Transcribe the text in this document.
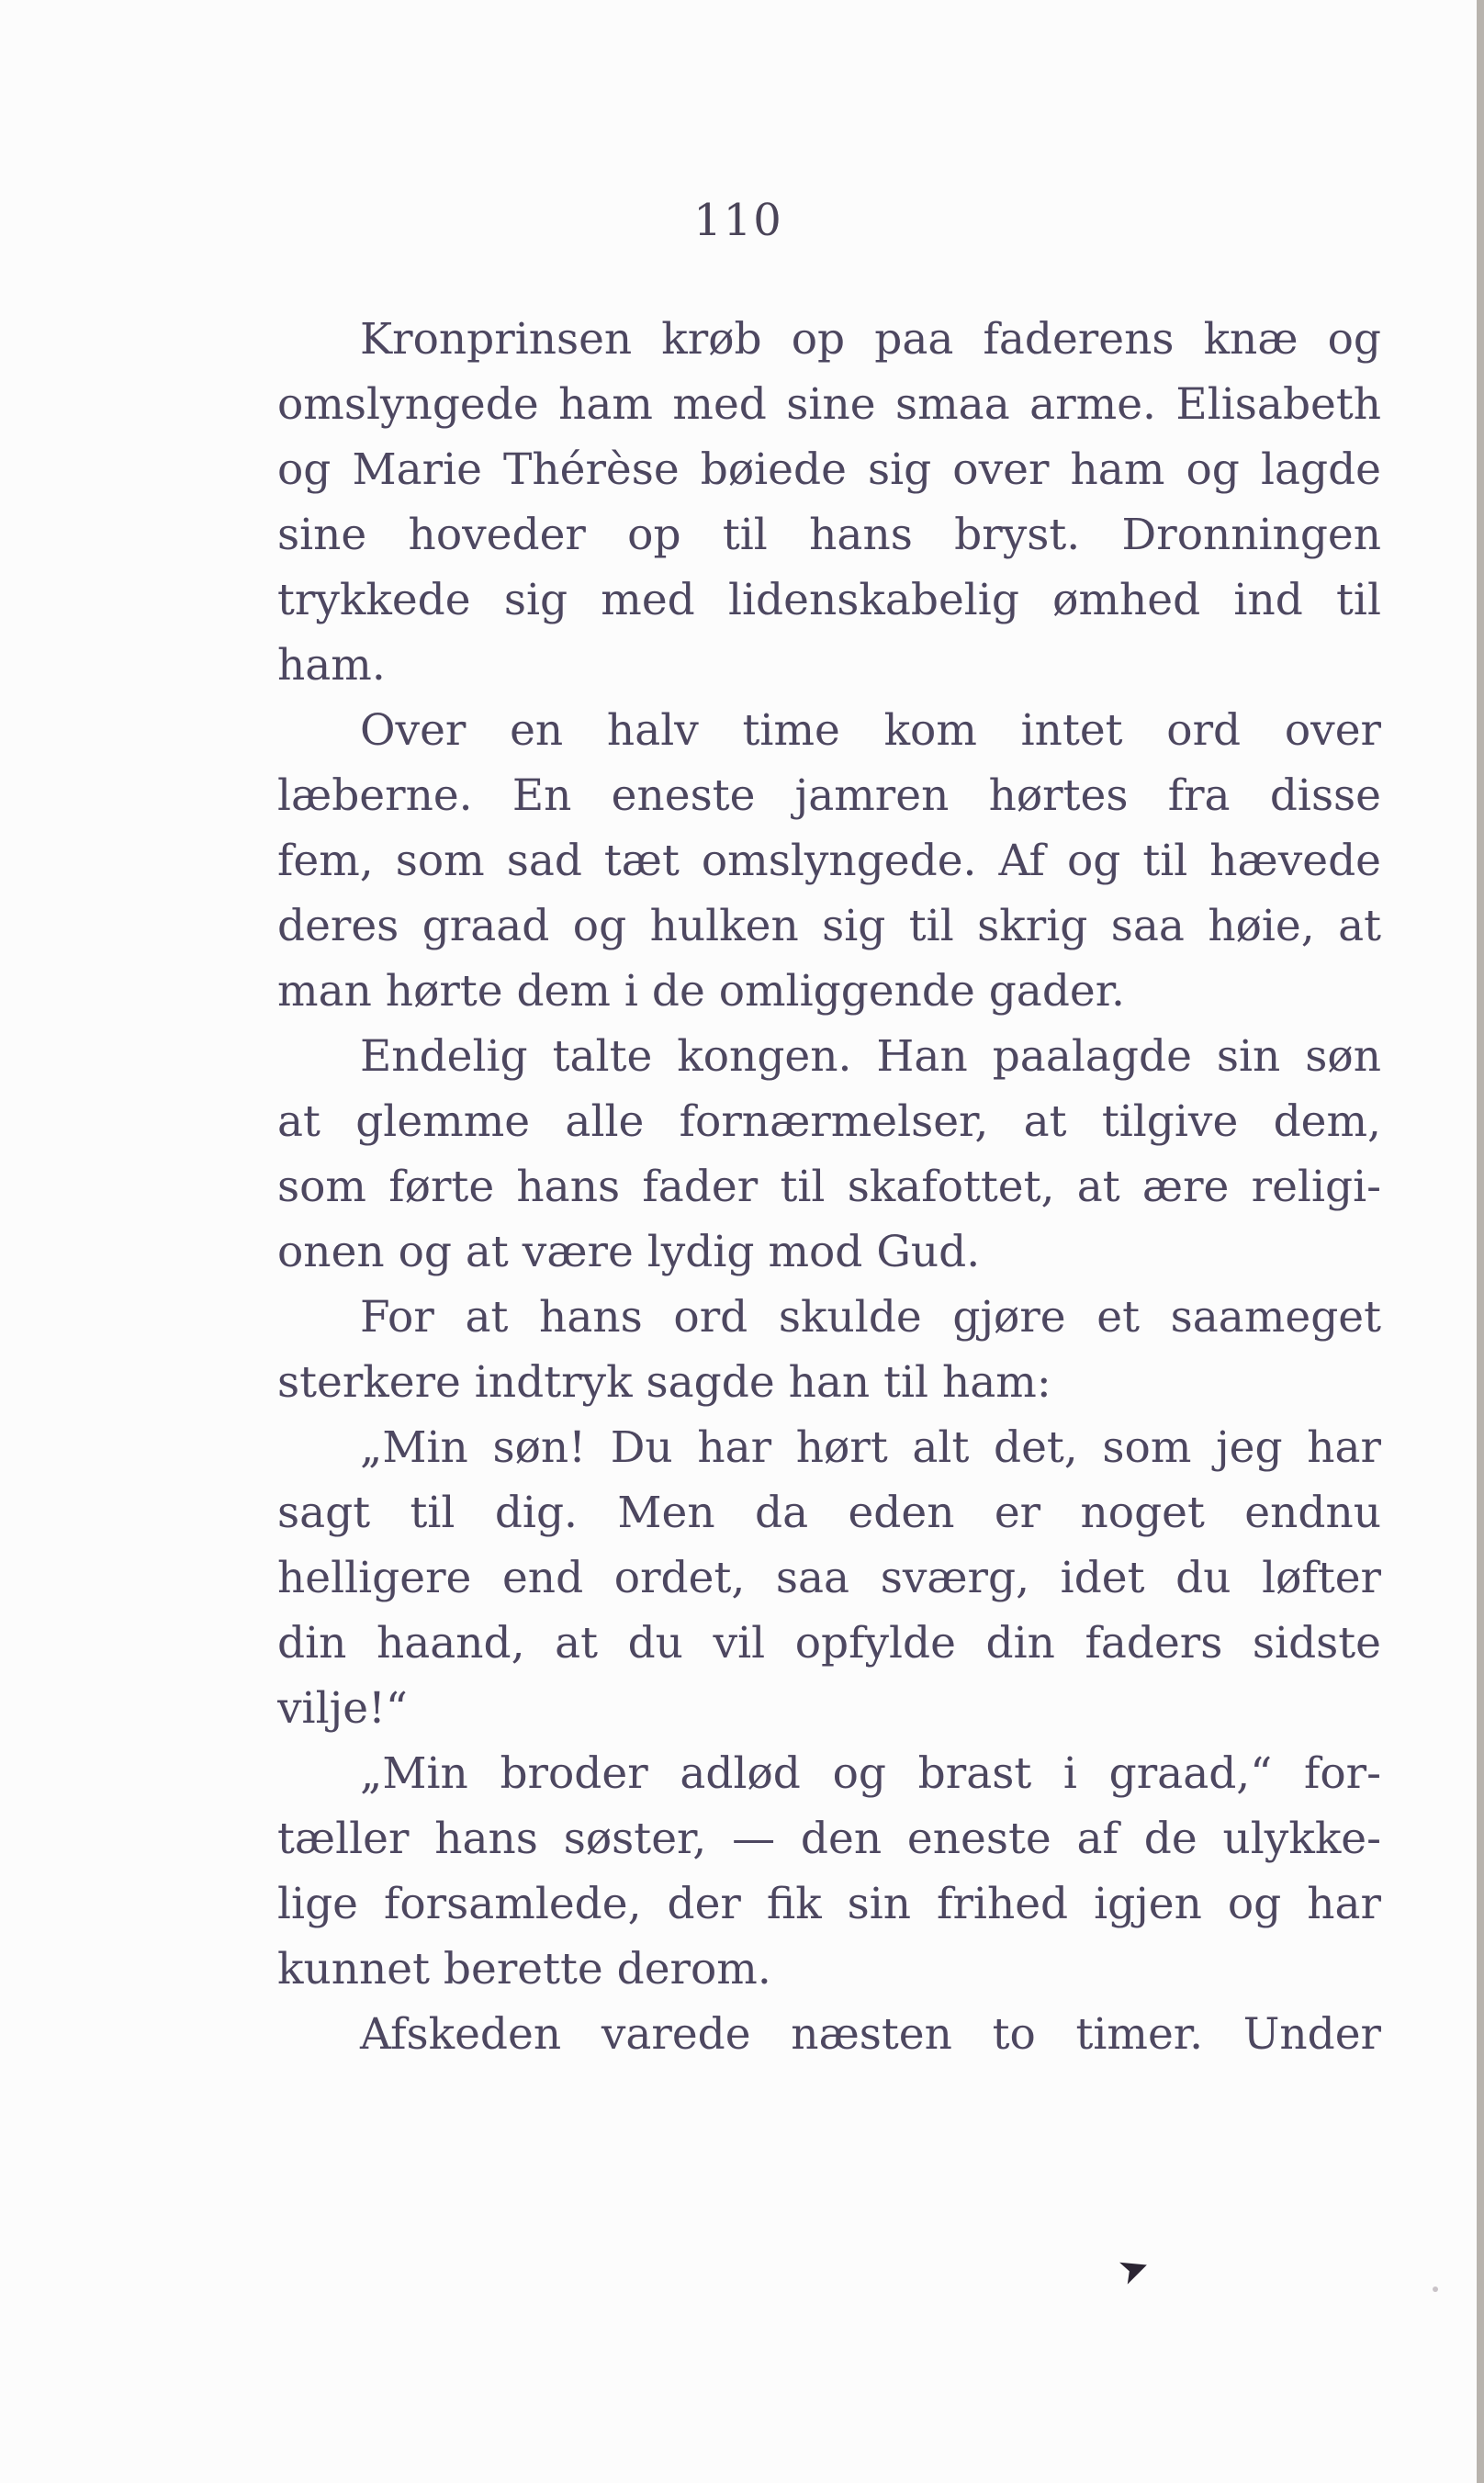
110
Kronprinsen krøb op paa faderens knæ og
omslyngede ham med sine smaa arme. Elisabeth
og Marie Thérèse bøiede sig over ham og lagde
sine hoveder op til hans bryst. Dronningen
trykkede sig med lidenskabelig ømhed ind til
ham.
Over en halv time kom intet ord over
læberne. En eneste jamren hørtes fra disse
fem, som sad tæt omslyngede. Af og til hævede
deres graad og hulken sig til skrig saa høie, at
man hørte dem i de omliggende gader.
Endelig talte kongen. Han paalagde sin søn
at glemme alle fornærmelser, at tilgive dem,
som førte hans fader til skafottet, at ære religi-
onen og at være lydig mod Gud.
For at hans ord skulde gjøre et saameget
sterkere indtryk sagde han til ham:
„Min søn! Du har hørt alt det, som jeg har
sagt til dig. Men da eden er noget endnu
helligere end ordet, saa sværg, idet du løfter
din haand, at du vil opfylde din faders sidste
vilje!“
„Min broder adlød og brast i graad,“ for-
tæller hans søster, — den eneste af de ulykke-
lige forsamlede, der fik sin frihed igjen og har
kunnet berette derom.
Afskeden varede næsten to timer. Under
➤
